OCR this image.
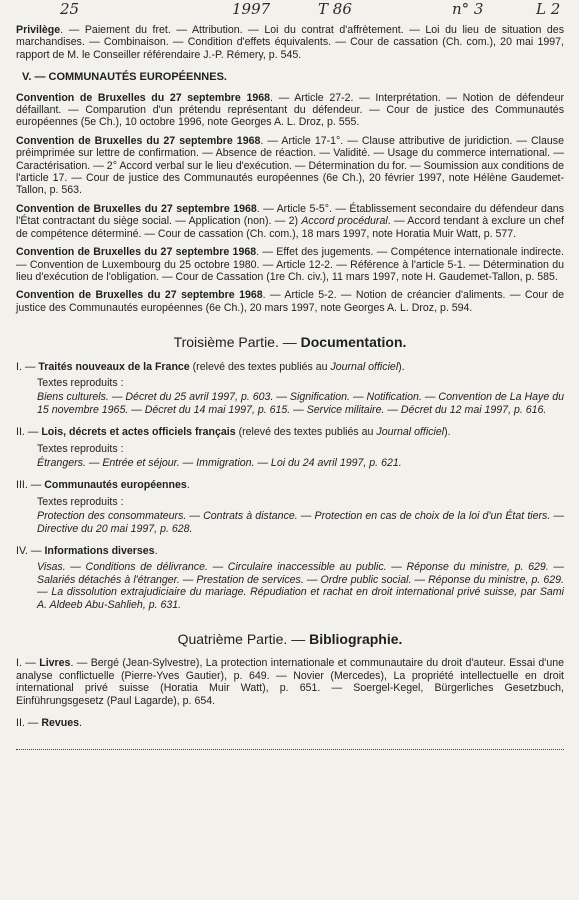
25	1997	T 86	n° 3	L 2

Privilège. — Paiement du fret. — Attribution. — Loi du contrat d'affrètement. — Loi du lieu de situation des marchandises. — Combinaison. — Condition d'effets équivalents. — Cour de cassation (Ch. com.), 20 mai 1997, rapport de M. le Conseiller référendaire J.-P. Rémery, p. 545.

V. — COMMUNAUTÉS EUROPÉENNES.

Convention de Bruxelles du 27 septembre 1968. — Article 27-2. — Interprétation. — Notion de défendeur défaillant. — Comparution d'un prétendu représentant du défendeur. — Cour de justice des Communautés européennes (5e Ch.), 10 octobre 1996, note Georges A. L. Droz, p. 555.

Convention de Bruxelles du 27 septembre 1968. — Article 17-1°. — Clause attributive de juridiction. — Clause préimprimée sur lettre de confirmation. — Absence de réaction. — Validité. — Usage du commerce international. — Caractérisation. — 2° Accord verbal sur le lieu d'exécution. — Détermination du for. — Soumission aux conditions de l'article 17. — Cour de justice des Communautés européennes (6e Ch.), 20 février 1997, note Hélène Gaudemet-Tallon, p. 563.

Convention de Bruxelles du 27 septembre 1968. — Article 5-5°. — Établissement secondaire du défendeur dans l'État contractant du siège social. — Application (non). — 2) Accord procédural. — Accord tendant à exclure un chef de compétence déterminé. — Cour de cassation (Ch. com.), 18 mars 1997, note Horatia Muir Watt, p. 577.

Convention de Bruxelles du 27 septembre 1968. — Effet des jugements. — Compétence internationale indirecte. — Convention de Luxembourg du 25 octobre 1980. — Article 12-2. — Référence à l'article 5-1. — Détermination du lieu d'exécution de l'obligation. — Cour de Cassation (1re Ch. civ.), 11 mars 1997, note H. Gaudemet-Tallon, p. 585.

Convention de Bruxelles du 27 septembre 1968. — Article 5-2. — Notion de créancier d'aliments. — Cour de justice des Communautés européennes (6e Ch.), 20 mars 1997, note Georges A. L. Droz, p. 594.

Troisième Partie. — Documentation.
I. — Traités nouveaux de la France (relevé des textes publiés au Journal officiel).
Textes reproduits :
Biens culturels. — Décret du 25 avril 1997, p. 603. — Signification. — Notification. — Convention de La Haye du 15 novembre 1965. — Décret du 14 mai 1997, p. 615. — Service militaire. — Décret du 12 mai 1997, p. 616.
II. — Lois, décrets et actes officiels français (relevé des textes publiés au Journal officiel).
Textes reproduits :
Étrangers. — Entrée et séjour. — Immigration. — Loi du 24 avril 1997, p. 621.
III. — Communautés européennes.
Textes reproduits :
Protection des consommateurs. — Contrats à distance. — Protection en cas de choix de la loi d'un État tiers. — Directive du 20 mai 1997, p. 628.
IV. — Informations diverses.
Visas. — Conditions de délivrance. — Circulaire inaccessible au public. — Réponse du ministre, p. 629. — Salariés détachés à l'étranger. — Prestation de services. — Ordre public social. — Réponse du ministre, p. 629. — La dissolution extrajudiciaire du mariage. Répudiation et rachat en droit international privé suisse, par Sami A. Aldeeb Abu-Sahlieh, p. 631.
Quatrième Partie. — Bibliographie.

I. — Livres. — Bergé (Jean-Sylvestre), La protection internationale et communautaire du droit d'auteur. Essai d'une analyse conflictuelle (Pierre-Yves Gautier), p. 649. — Novier (Mercedes), La propriété intellectuelle en droit international privé suisse (Horatia Muir Watt), p. 651. — Soergel-Kegel, Bürgerliches Gesetzbuch, Einführungsgesetz (Paul Lagarde), p. 654.

II. — Revues.
